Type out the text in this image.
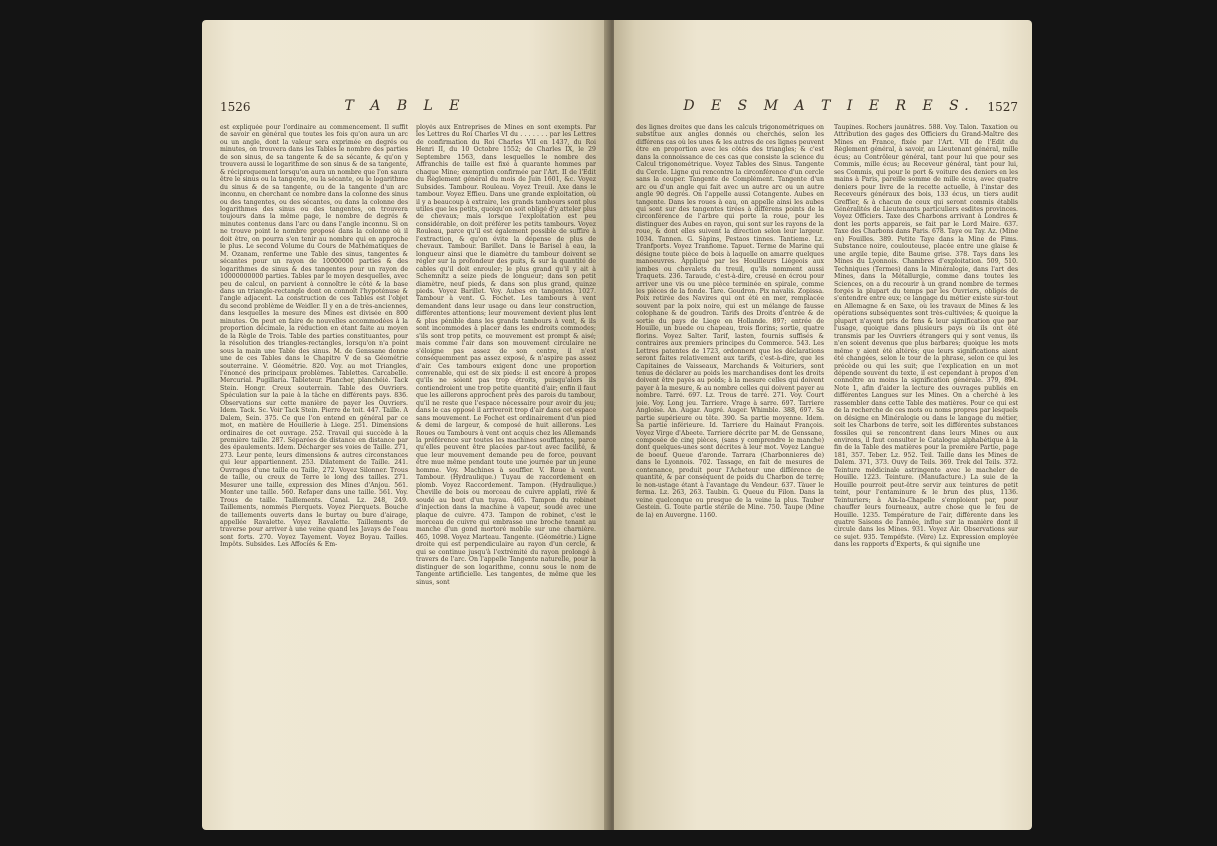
1526	T A B L E

est expliquée pour l'ordinaire au commencement. Il suffit de savoir en général que toutes les fois qu'on aura un arc ou un angle, dont la valeur sera exprimée en degrés ou minutes, on trouvera dans les Tables le nombre des parties de son sinus, de sa tangente & de sa sécante, & qu'on y trouvera aussi le logarithme de son sinus & de sa tangente, & réciproquement lorsqu'on aura un nombre que l'on saura être le sinus ou la tangente, ou la sécante, ou le logarithme du sinus & de sa tangente, ou de la tangente d'un arc inconnu, en cherchant ce nombre dans la colonne des sinus ou des tangentes, ou des sécantes, ou dans la colonne des logarithmes des sinus ou des tangentes, on trouvera toujours dans la même page, le nombre de degrés & minutes contenus dans l'arc ou dans l'angle inconnu. Si on ne trouve point le nombre proposé dans la colonne où il doit être, on pourra s'en tenir au nombre qui en approche le plus. Le second Volume du Cours de Mathématiques de M. Ozanam, renferme une Table des sinus, tangentes & sécantes pour un rayon de 10000000 parties & des logarithmes de sinus & des tangentes pour un rayon de 10000000000 parties. Tables par le moyen desquelles, avec peu de calcul, on parvient à connoître le côté & la base dans un triangle-rectangle dont on connoît l'hypoténuse & l'angle adjacent. La construction de ces Tables est l'objet du second problème de Weidler. Il y en a de très-anciennes, dans lesquelles la mesure des Mines est divisée en 800 minutes. On peut en faire de nouvelles accommodées à la proportion décimale, la réduction en étant faite au moyen de la Règle de Trois. Table des parties constituantes, pour la résolution des triangles-rectangles, lorsqu'on n'a point sous la main une Table des sinus. M. de Genssane donne une de ces Tables dans le Chapitre V de sa Géométrie souterraine. V. Géométrie. 820. Voy. au mot Triangles, l'énoncé des principaux problèmes. Tablettes. Carcabelle. Mercurial. Pugillaria. Tableteur. Plancher, planchéié. Tack Stein. Hongr. Creux souterrain. Table des Ouvriers. Spéculation sur la paie à la tâche en différents pays. 836. Observations sur cette manière de payer les Ouvriers. Idem. Tack. Sc. Voir Tack Stein. Pierre de toit. 447. Taille. A Dalem, Sein. 375. Ce que l'on entend en général par ce mot, en matière de Houillerie à Liege. 251. Dimensions ordinaires de cet ouvrage. 252. Travail qui succède à la première taille. 287. Séparées de distance en distance par des épaulements. Idem. Décharger ses voies de Taille. 271, 273. Leur pente, leurs dimensions & autres circonstances qui leur appartiennent. 253. Dilatement de Taille. 241. Ouvrages d'une taille ou Taille, 272. Voyez Silonner. Trous de taille, ou creux de Terre le long des tailles. 271. Mesurer une taille, expression des Mines d'Anjou. 561. Monter une taille. 560. Refaper dans une taille. 561. Voy. Trous de taille. Taillements. Canal. Lz. 248, 249. Taillements, nommés Pierquets. Voyez Pierquets. Bouche de taillements ouverts dans le burtay ou bure d'airage, appellée Ravalette. Voyez Ravalette. Taillements de traverse pour arriver à une veine quand les Javays de l'eau sont forts. 270. Voyez Tayement. Voyez Boyau. Tailles. Impôts. Subsides. Les Affociés & Em-

ployés aux Entreprises de Mines en sont exempts. Par les Lettres du Roi Charles VI du . . . . . . . par les Lettres de confirmation du Roi Charles VII en 1437, du Roi Henri II, du 10 Octobre 1552; de Charles IX, le 29 Septembre 1563, dans lesquelles le nombre des Affranchis de taille est fixé à quarante hommes par chaque Mine; exemption confirmée par l'Art. II de l'Edit du Règlement général du mois de Juin 1601, &c. Voyez Subsides. Tambour. Rouleau. Voyez Treuil. Axe dans le tambour. Voyez Effieu. Dans une grande exploitation, où il y a beaucoup à extraire, les grands tambours sont plus utiles que les petits, quoiqu'on soit obligé d'y atteler plus de chevaux; mais lorsque l'exploitation est peu considérable, on doit préférer les petits tambours. Voyez Rouleau, parce qu'il est également possible de suffire à l'extraction, & qu'on évite la dépense de plus de chevaux. Tambour. Barillet. Dans le Barisel à eau, la longueur ainsi que le diamètre du tambour doivent se régler sur la profondeur des puits, & sur la quantité de cables qu'il doit enrouler; le plus grand qu'il y ait à Schemnitz a seize pieds de longueur; dans son petit diamètre, neuf pieds, & dans son plus grand, quinze pieds. Voyez Barillet. Voy. Aubes en tangentes. 1027. Tambour à vent. G. Fochet. Les tambours à vent demandent dans leur usage ou dans leur construction, différentes attentions; leur mouvement devient plus lent & plus pénible dans les grands tambours à vent, & ils sont incommodes à placer dans les endroits commodes; s'ils sont trop petits, ce mouvement est prompt & aisé; mais comme l'air dans son mouvement circulaire ne s'éloigne pas assez de son centre, il n'est conséquemment pas assez exposé, & n'aspire pas assez d'air. Ces tambours exigent donc une proportion convenable, qui est de six pieds: il est encore à propos qu'ils ne soient pas trop étroits, puisqu'alors ils contiendroient une trop petite quantité d'air; enfin il faut que les aillerons approchent près des parois du tambour, qu'il ne reste que l'espace nécessaire pour avoir du jeu; dans le cas opposé il arriveroit trop d'air dans cet espace sans mouvement. Le Fochet est ordinairement d'un pied & demi de largeur, & composé de huit aillerons. Les Roues ou Tambours à vent ont acquis chez les Allemands la préférence sur toutes les machines soufflantes, parce qu'elles peuvent être placées par-tout avec facilité, & que leur mouvement demande peu de force, pouvant être mue même pendant toute une journée par un jeune homme. Voy. Machines à souffler. V. Roue à vent. Tambour. (Hydraulique.) Tuyau de raccordement en plomb. Voyez Raccordement. Tampon. (Hydraulique.) Cheville de bois ou morceau de cuivre applati, rivé & soudé au bout d'un tuyau. 465. Tampon du robinet d'injection dans la machine à vapeur, soudé avec une plaque de cuivre. 473. Tampon de robinet, c'est le morceau de cuivre qui embrasse une broche tenant au manche d'un gond mortoré mobile sur une charnière. 465, 1098. Voyez Marteau. Tangente. (Géométrie.) Ligne droite qui est perpendiculaire au rayon d'un cercle, & qui se continue jusqu'à l'extrémité du rayon prolongé à travers de l'arc. On l'appelle Tangente naturelle, pour la distinguer de son logarithme, connu sous le nom de Tangente artificielle. Les tangentes, de même que les sinus, sont

D E S M A T I E R E S.	1527

des lignes droites que dans les calculs trigonométriques on substitue aux angles donnés ou cherchés, selon les différens cas où les unes & les autres de ces lignes peuvent être en proportion avec les côtés des triangles; & c'est dans la connoissance de ces cas que consiste la science du Calcul trigonométrique. Voyez Tables des Sinus. Tangente du Cercle. Ligne qui rencontre la circonférence d'un cercle sans la couper. Tangente de Complément. Tangente d'un arc ou d'un angle qui fait avec un autre arc ou un autre angle 90 degrés. On l'appelle aussi Cotangente. Aubes en tangente. Dans les roues à eau, on appelle ainsi les aubes qui sont sur des tangentes tirées à différens points de la circonférence de l'arbre qui porte la roue, pour les distinguer des Aubes en rayon, qui sont sur les rayons de la roue, & dont elles suivent la direction selon leur largeur. 1034. Tannen. G. Sàpins, Pestaos tinnes. Tantieme. Lz. Tranfports. Voyez Tranfiome. Tapuet. Terme de Marine qui désigne toute pièce de bois à laquelle on amarre quelques manoeuvres. Appliqué par les Houilleurs Liégeois aux jambes ou chevalets du treuil, qu'ils nomment aussi Traquets. 236. Taraude, c'est-à-dire, creusé en écrou pour arriver une vis ou une pièce terminée en spirale, comme les pièces de la fonde. Tare. Goudron. Pix navalis. Zopissa. Poix retirée des Navires qui ont été en mer, remplacée souvent par la poix noire, qui est un mélange de fausse colophane & de goudron. Tarifs des Droits d'entrée & de sortie du pays de Liege en Hollande. 897; entrée de Houille, un buede ou chapeau, trois florins; sortie, quatre florins. Voyez Salter. Tarif, lasten, fournis suffisés & contraires aux premiers principes du Commerce. 543. Les Lettres patentes de 1723, ordonnent que les déclarations seront faites relativement aux tarifs, c'est-à-dire, que les Capitaines de Vaisseaux, Marchands & Voituriers, sont tenus de déclarer au poids les marchandises dont les droits doivent être payés au poids; à la mesure celles qui doivent payer à la mesure, & au nombre celles qui doivent payer au nombre. Tarré. 697. Lz. Trous de tarré. 271. Voy. Court joie. Voy. Long jeu. Tarriere. Vrage à sarre. 697. Tarriere Angloise. An. Augar. Augré. Auger. Whimble. 388, 697. Sa partie supérieure ou tête. 390. Sa partie moyenne. Idem. Sa partie inférieure. Id. Tarriere du Hainaut François. Voyez Virge d'Abeete. Tarriere décrite par M. de Genssane, composée de cinq pièces, (sans y comprendre le manche) dont quelques-unes sont décrites à leur mot. Voyez Langue de boeuf. Queue d'aronde. Tarrara (Charbonnieres de) dans le Lyonnois. 702. Tassage, en fait de mesures de contenance, produit pour l'Acheteur une différence de quantité, & par conséquent de poids du Charbon de terre; le non-ustage étant à l'avantage du Vendeur. 637. Tàuer le ferma. Lz. 263, 263. Taubin. G. Queue du Filon. Dans la veine quelconque ou presque de la veine la plus. Tauber Gestein. G. Toute partie stérile de Mine. 750. Taupe (Mine de la) en Auvergne. 1160.

Taupines. Rochers jaunâtres. 588. Voy. Talon. Taxation ou Attribution des gages des Officiers du Grand-Maître des Mines en France, fixée par l'Art. VII de l'Edit du Règlement général, à savoir, au Lieutenant général, mille écus; au Contrôleur général, tant pour lui que pour ses Commis, mille écus; au Receveur général, tant pour lui, ses Commis, qui pour le port & voiture des deniers en les mains à Paris, pareille somme de mille écus, avec quatre deniers pour livre de la recette actuelle, à l'instar des Receveurs généraux des bois, 133 écus, un tiers audit Greffier, & à chacun de ceux qui seront commis établis Généralités de Lieutenants particuliers esdites provinces. Voyez Officiers. Taxe des Charbons arrivant à Londres & dont les ports appareis, se fait par le Lord Maire. 637. Taxe des Charbons dans Paris. 678. Taye ou Tay. Az. (Mine en) Fouilles. 389. Petite Taye dans la Mine de Fims. Substance noire, coulouteuse, placée entre une glaise & une argile tepie, dite Baume grise. 378. Tays dans les Mines du Lyonnois. Chambres d'exploitation. 509, 510. Techniques (Termes) dans la Minéralogie, dans l'art des Mines, dans la Métallurgie, comme dans toutes les Sciences, on a du recourir à un grand nombre de termes forgés la plupart du temps par les Ouvriers, obligés de s'entendre entre eux; ce langage du métier existe sur-tout en Allemagne & en Saxe, où les travaux de Mines & les opérations subséquentes sont très-cultivées; & quoique la plupart n'ayent pris de fens & leur signification que par l'usage, quoique dans plusieurs pays où ils ont été transmis par les Ouvriers étrangers qui y sont venus, ils n'en soient devenus que plus barbares; quoique les mots même y aient été altérés; que leurs significations aient été changées, selon le tour de la phrase, selon ce qui les précède ou qui les suit; que l'explication en un mot dépende souvent du texte, il est cependant à propos d'en connoître au moins la signification générale. 379, 894. Note 1, afin d'aider la lecture des ouvrages publiés en différentes Langues sur les Mines. On a cherché à les rassembler dans cette Table des matières. Pour ce qui est de la recherche de ces mots ou noms propres par lesquels on désigne en Minéralogie ou dans le langage du métier, soit les Charbons de terre, soit les différentes substances fossiles qui se rencontrent dans leurs Mines ou aux environs, il faut consulter le Catalogue alphabétique à la fin de la Table des matières pour la première Partie, page 181, 357. Teber. Lz. 952. Teil. Taille dans les Mines de Dalem. 371, 373. Ouvy de Teils. 369. Trek del Teils. 372. Teinture médicinale astringente avec le macheler de Houille. 1223. Teinture. (Manufacture.) La suie de la Houille pourroit peut-être servir aux teintures de petit teint, pour l'entaminure & le brun des plus, 1136. Teinturiers; à Aix-la-Chapelle s'emploient par, pour chauffer leurs fourneaux, autre chose que le feu de Houille. 1235. Température de l'air, différente dans les quatre Saisons de l'année, influe sur la manière dont il circule dans les Mines. 931. Voyez Air. Observations sur ce sujet. 935. Tempéfste. (Vère) Lz. Expression employée dans les rapports d'Experts, & qui signifie une
